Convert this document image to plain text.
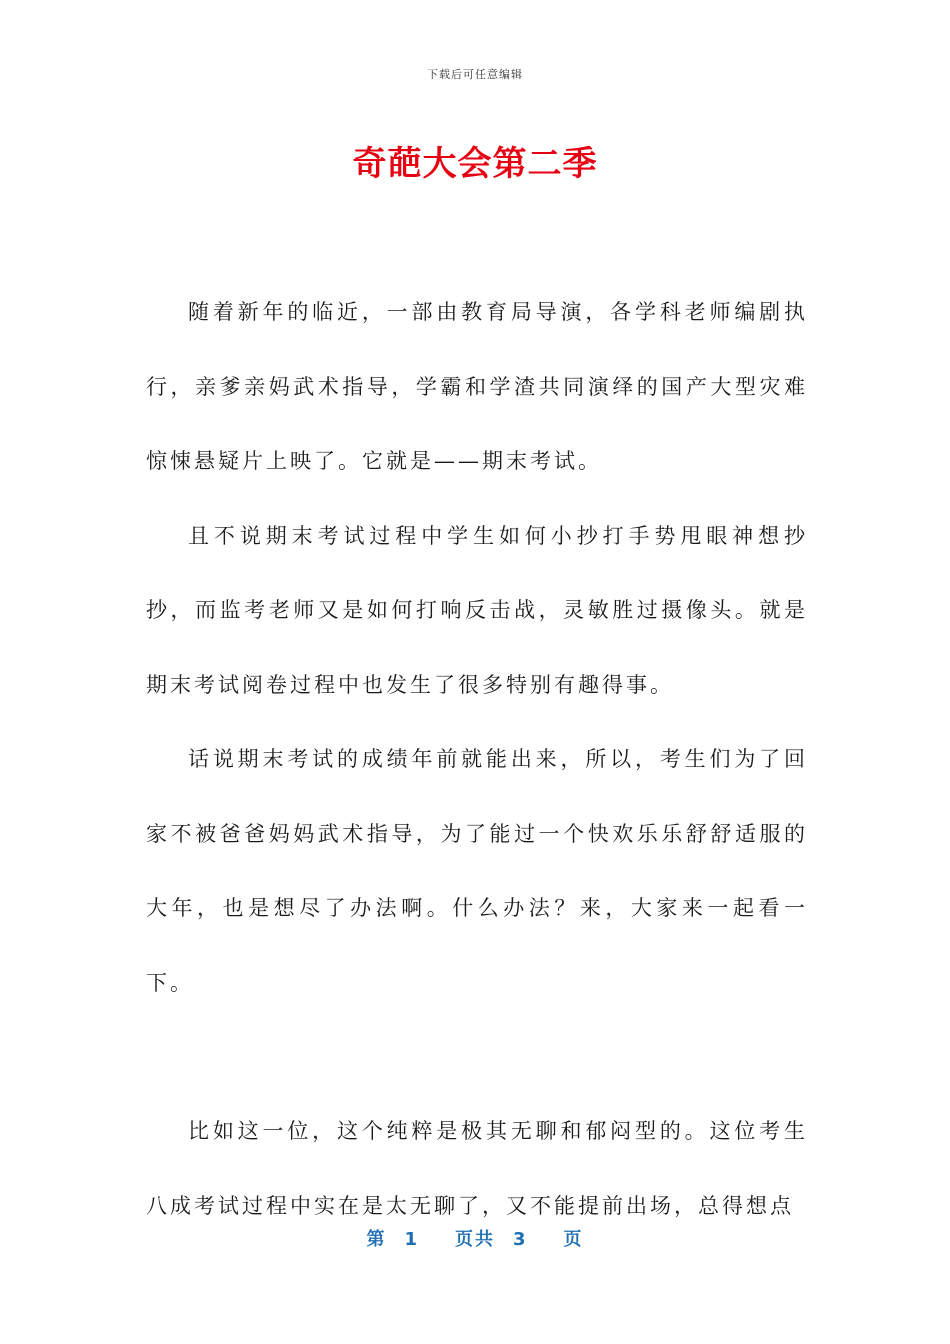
下载后可任意编辑
奇葩大会第二季

随着新年的临近，一部由教育局导演，各学科老师编剧执行，亲爹亲妈武术指导，学霸和学渣共同演绎的国产大型灾难惊悚悬疑片上映了。它就是——期末考试。

且不说期末考试过程中学生如何小抄打手势甩眼神想抄抄，而监考老师又是如何打响反击战，灵敏胜过摄像头。就是期末考试阅卷过程中也发生了很多特别有趣得事。

话说期末考试的成绩年前就能出来，所以，考生们为了回家不被爸爸妈妈武术指导，为了能过一个快欢乐乐舒舒适服的大年，也是想尽了办法啊。什么办法？来，大家来一起看一下。

比如这一位，这个纯粹是极其无聊和郁闷型的。这位考生八成考试过程中实在是太无聊了，又不能提前出场，总得想点

第 1 页共 3 页
